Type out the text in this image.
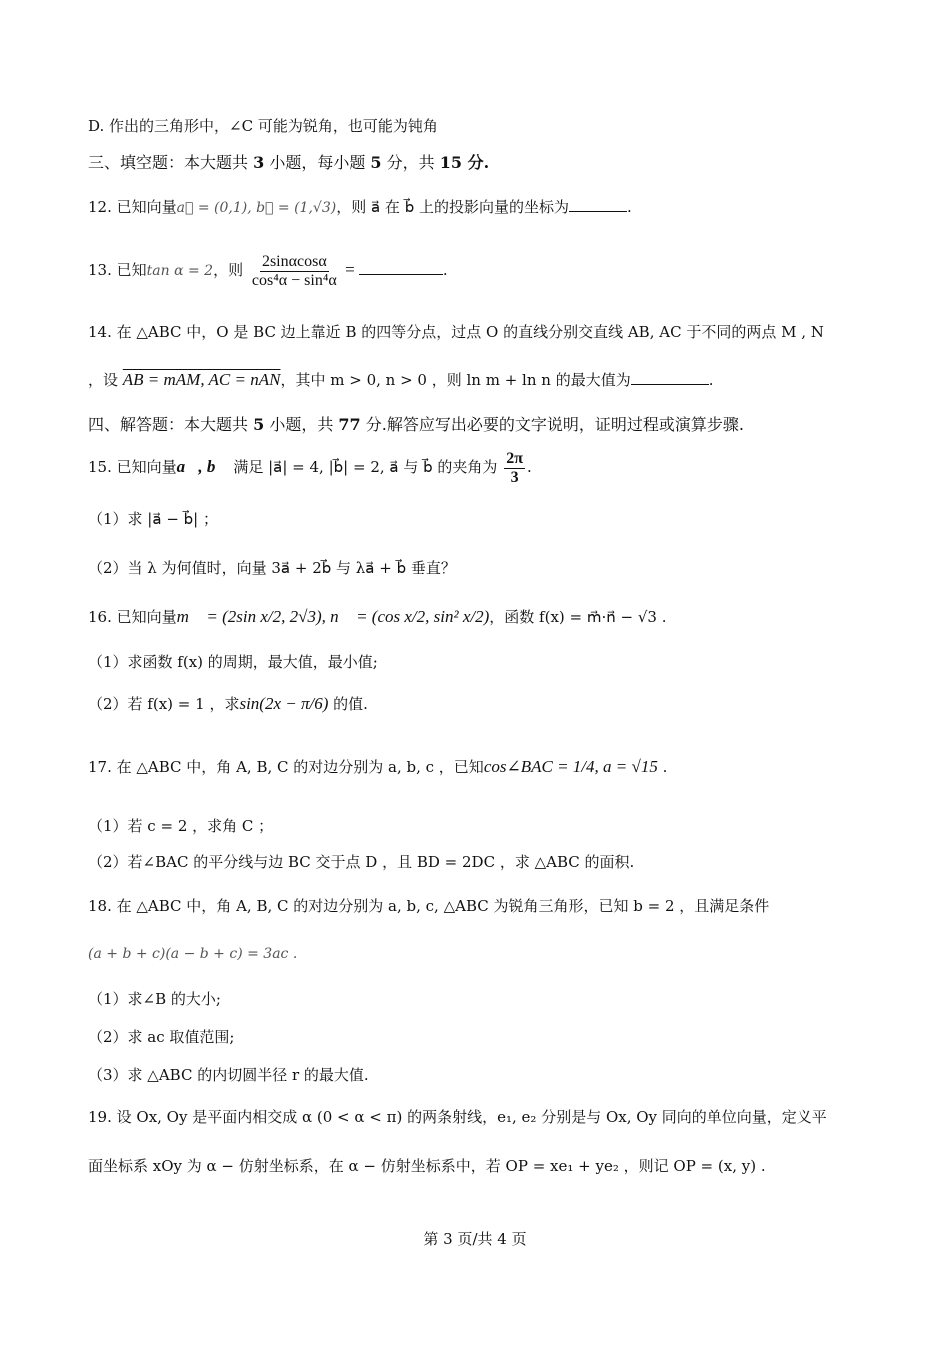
D. 作出的三角形中，∠C 可能为锐角，也可能为钝角
三、填空题：本大题共 3 小题，每小题 5 分，共 15 分.
12. 已知向量a⃗ = (0,1), b⃗ = (1,√3)，则 a⃗ 在 b⃗ 上的投影向量的坐标为	.
13. 已知tan α = 2，则 $\frac{2\sin\alpha\cos\alpha}{\text{cos⁴α − sin⁴α}}$ =	.
14. 在 △ABC 中，O 是 BC 边上靠近 B 的四等分点，过点 O 的直线分别交直线 AB, AC 于不同的两点 M , N
，设 AB = mAM, AC = nAN，其中 m > 0, n > 0 ，则 ln m + ln n 的最大值为	.
四、解答题：本大题共 5 小题，共 77 分.解答应写出必要的文字说明，证明过程或演算步骤.
15. 已知向量a⃗, b⃗ 满足 |a⃗| = 4, |b⃗| = 2, a⃗ 与 b⃗ 的夹角为 $\frac{2\pi}{3}$ .
（1）求 |a⃗ − b⃗| ；
（2）当 λ 为何值时，向量 3a⃗ + 2b⃗ 与 λa⃗ + b⃗ 垂直？
16. 已知向量m⃗ = (2sin x/2, 2√3), n⃗ = (cos x/2, sin² x/2)，函数 f(x) = m⃗·n⃗ − √3 .
（1）求函数 f(x) 的周期，最大值，最小值;
（2）若 f(x) = 1 ，求sin(2x − π/6) 的值.
17. 在 △ABC 中，角 A, B, C 的对边分别为 a, b, c ，已知cos∠BAC = 1/4, a = √15 .
（1）若 c = 2 ，求角 C ；
（2）若∠BAC 的平分线与边 BC 交于点 D ，且 BD = 2DC ，求 △ABC 的面积.
18. 在 △ABC 中，角 A, B, C 的对边分别为 a, b, c, △ABC 为锐角三角形，已知 b = 2 ，且满足条件
(a + b + c)(a − b + c) = 3ac .
（1）求∠B 的大小;
（2）求 ac 取值范围;
（3）求 △ABC 的内切圆半径 r 的最大值.
19. 设 Ox, Oy 是平面内相交成 α (0 < α < π) 的两条射线，e₁, e₂ 分别是与 Ox, Oy 同向的单位向量，定义平
面坐标系 xOy 为 α − 仿射坐标系，在 α − 仿射坐标系中，若 OP = xe₁ + ye₂ ，则记 OP = (x, y) .
第 3 页/共 4 页
